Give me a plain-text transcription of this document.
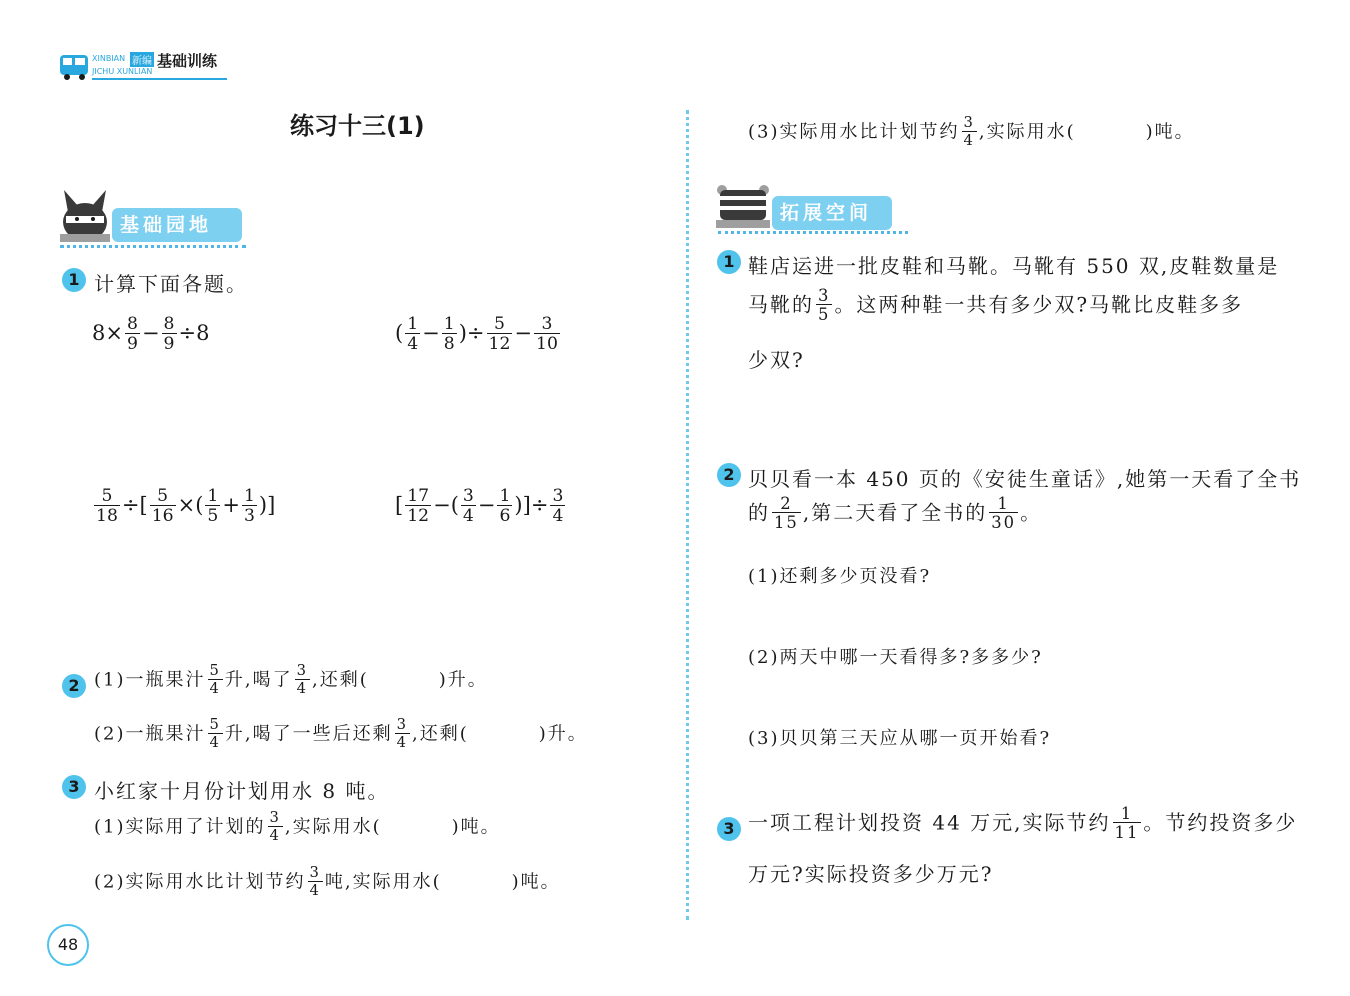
XINBIAN 新编 基础训练
JICHU XUNLIAN
练习十三(1)
基础园地
1 计算下面各题。
$8\times \frac{8}{9} - \frac{8}{9} \div 8$	( $\frac{1}{4} - \frac{1}{8}$ )÷ $\frac{5}{12} - \frac{3}{10}$
$\frac{5}{18}$ ÷[ $\frac{5}{16}$ ×( $\frac{1}{5} + \frac{1}{3}$ )]	[ $\frac{17}{12}$ −( $\frac{3}{4} - \frac{1}{6}$ )]÷ $\frac{3}{4}$
2 (1)一瓶果汁 $\frac{5}{4}$ 升,喝了 $\frac{3}{4}$ ,还剩(	)升。
(2)一瓶果汁 $\frac{5}{4}$ 升,喝了一些后还剩 $\frac{3}{4}$ ,还剩(	)升。
3 小红家十月份计划用水 8 吨。
(1)实际用了计划的 $\frac{3}{4}$ ,实际用水(	)吨。
(2)实际用水比计划节约 $\frac{3}{4}$ 吨,实际用水(	)吨。
48
(3)实际用水比计划节约 $\frac{3}{4}$ ,实际用水(	)吨。
拓展空间
1 鞋店运进一批皮鞋和马靴。马靴有 550 双,皮鞋数量是
马靴的 $\frac{3}{5}$ 。这两种鞋一共有多少双?马靴比皮鞋多多
少双?
2 贝贝看一本 450 页的《安徒生童话》,她第一天看了全书
的 $\frac{2}{15}$ ,第二天看了全书的 $\frac{1}{30}$ 。
(1)还剩多少页没看?
(2)两天中哪一天看得多?多多少?
(3)贝贝第三天应从哪一页开始看?
3 一项工程计划投资 44 万元,实际节约 $\frac{1}{11}$ 。节约投资多少
万元?实际投资多少万元?
